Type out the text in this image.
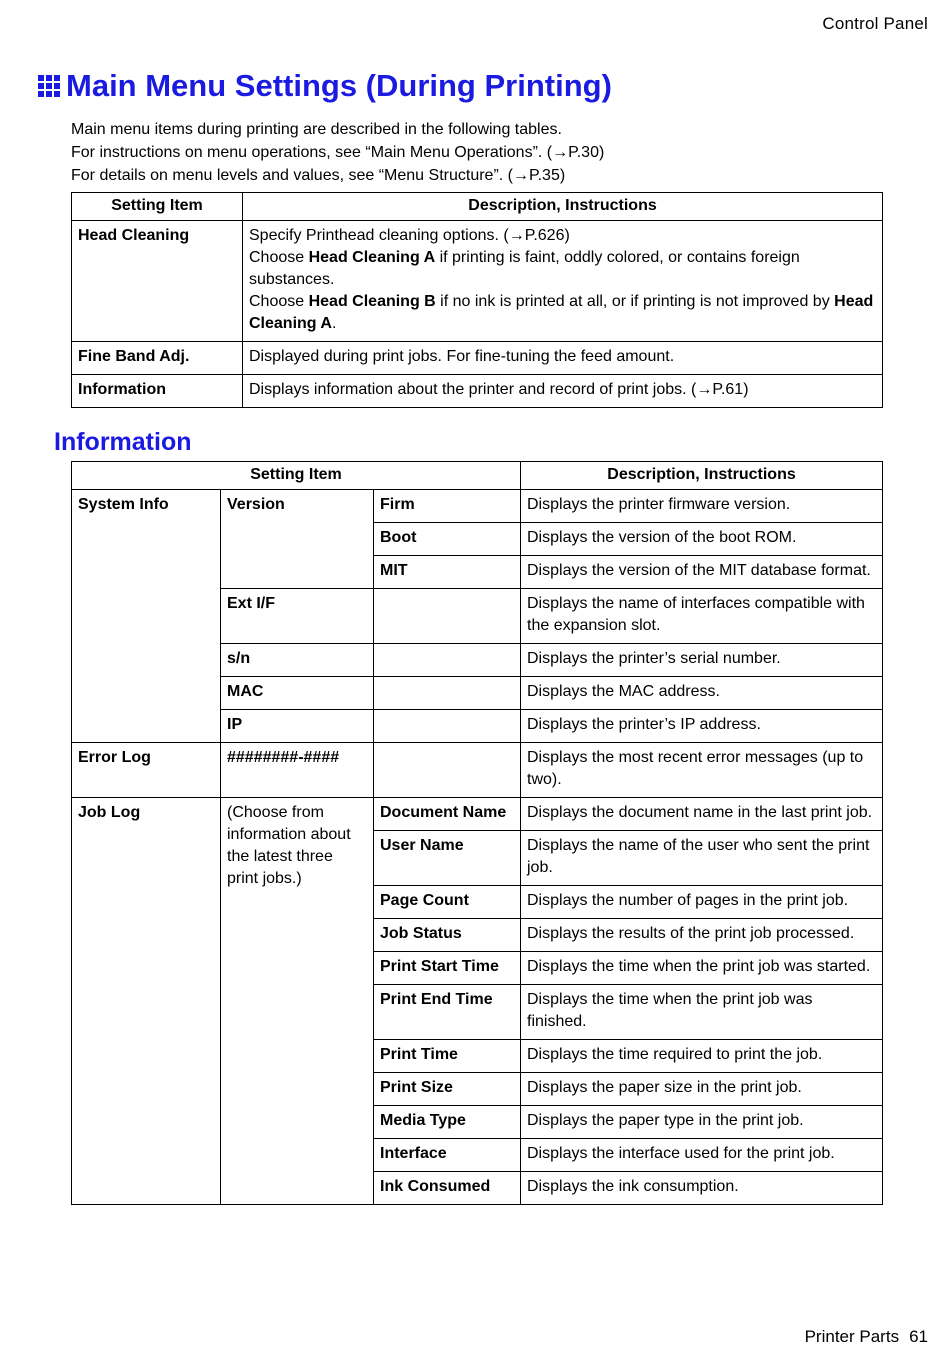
Control Panel
Main Menu Settings (During Printing)
Main menu items during printing are described in the following tables.
For instructions on menu operations, see “Main Menu Operations”. (→P.30)
For details on menu levels and values, see “Menu Structure”. (→P.35)
Setting Item	Description, Instructions
Head Cleaning	Specify Printhead cleaning options. (→P.626)
Choose Head Cleaning A if printing is faint, oddly colored, or contains foreign substances.
Choose Head Cleaning B if no ink is printed at all, or if printing is not improved by Head Cleaning A.

Fine Band Adj.	Displayed during print jobs. For fine-tuning the feed amount.
Information	Displays information about the printer and record of print jobs. (→P.61)
Information
Setting Item			Description, Instructions
System Info	Version	Firm	Displays the printer firmware version.
		Boot	Displays the version of the boot ROM.
		MIT	Displays the version of the MIT database format.
	Ext I/F		Displays the name of interfaces compatible with the expansion slot.
	s/n		Displays the printer’s serial number.
	MAC		Displays the MAC address.
	IP		Displays the printer’s IP address.
Error Log	########-####		Displays the most recent error messages (up to two).
Job Log	(Choose from information about the latest three print jobs.)	Document Name	Displays the document name in the last print job.
		User Name	Displays the name of the user who sent the print job.
		Page Count	Displays the number of pages in the print job.
		Job Status	Displays the results of the print job processed.
		Print Start Time	Displays the time when the print job was started.
		Print End Time	Displays the time when the print job was finished.
		Print Time	Displays the time required to print the job.
		Print Size	Displays the paper size in the print job.
		Media Type	Displays the paper type in the print job.
		Interface	Displays the interface used for the print job.
		Ink Consumed	Displays the ink consumption.
Printer Parts 61
